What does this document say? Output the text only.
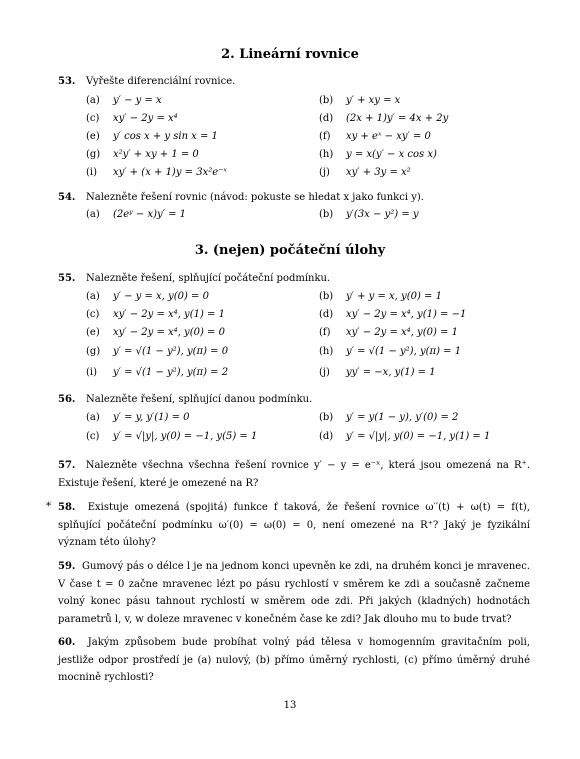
2. Lineární rovnice
53. Vyřešte diferenciální rovnice.
(a) y′ − y = x	(b) y′ + xy = x
(c) xy′ − 2y = x⁴	(d) (2x + 1)y′ = 4x + 2y
(e) y′ cos x + y sin x = 1	(f) xy + eˣ − xy′ = 0
(g) x²y′ + xy + 1 = 0	(h) y = x(y′ − x cos x)
(i) xy′ + (x + 1)y = 3x²e⁻ˣ	(j) xy′ + 3y = x²
54. Nalezněte řešení rovnic (návod: pokuste se hledat x jako funkci y).
(a) (2eʸ − x)y′ = 1	(b) y′(3x − y²) = y
3. (nejen) počáteční úlohy
55. Nalezněte řešení, splňující počáteční podmínku.
(a) y′ − y = x, y(0) = 0	(b) y′ + y = x, y(0) = 1
(c) xy′ − 2y = x⁴, y(1) = 1	(d) xy′ − 2y = x⁴, y(1) = −1
(e) xy′ − 2y = x⁴, y(0) = 0	(f) xy′ − 2y = x⁴, y(0) = 1
(g) y′ = √(1 − y²), y(π) = 0	(h) y′ = √(1 − y²), y(π) = 1
(i) y′ = √(1 − y²), y(π) = 2	(j) yy′ = −x, y(1) = 1
56. Nalezněte řešení, splňující danou podmínku.
(a) y′ = y, y′(1) = 0	(b) y′ = y(1 − y), y′(0) = 2
(c) y′ = √|y|, y(0) = −1, y(5) = 1	(d) y′ = √|y|, y(0) = −1, y(1) = 1
57. Nalezněte všechna všechna řešení rovnice y′ − y = e⁻ˣ, která jsou omezená na R⁺. Existuje řešení, které je omezené na R?
* 58. Existuje omezená (spojitá) funkce f taková, že řešení rovnice ω′′(t) + ω(t) = f(t), splňující počáteční podmínku ω′(0) = ω(0) = 0, není omezené na R⁺? Jaký je fyzikální význam této úlohy?
59. Gumový pás o délce l je na jednom konci upevněn ke zdi, na druhém konci je mravenec. V čase t = 0 začne mravenec lézt po pásu rychlostí v směrem ke zdi a současně začneme volný konec pásu tahnout rychlostí w směrem ode zdi. Při jakých (kladných) hodnotách parametrů l, v, w doleze mravenec v konečném čase ke zdi? Jak dlouho mu to bude trvat?
60. Jakým způsobem bude probíhat volný pád tělesa v homogenním gravitačním poli, jestliže odpor prostředí je (a) nulový, (b) přímo úměrný rychlosti, (c) přímo úměrný druhé mocnině rychlosti?
13
